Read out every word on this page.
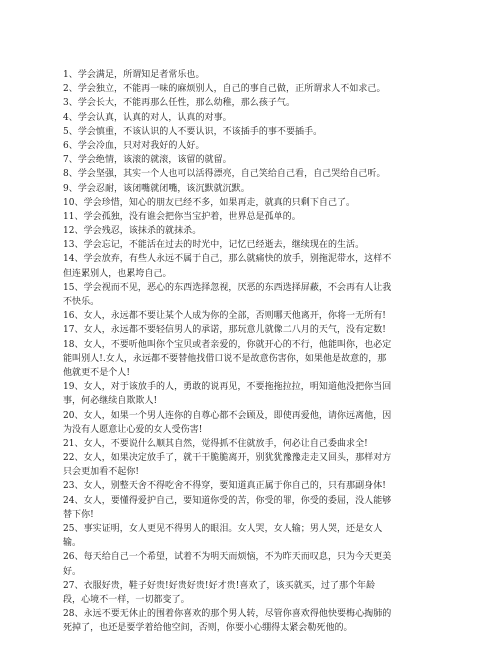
1、学会满足，所谓知足者常乐也。
2、学会独立，不能再一味的麻烦别人，自己的事自己做，正所谓求人不如求己。
3、学会长大，不能再那么任性，那么幼稚，那么孩子气。
4、学会认真，认真的对人，认真的对事。
5、学会慎重，不该认识的人不要认识，不该插手的事不要插手。
6、学会冷血，只对对我好的人好。
7、学会绝情，该滚的就滚，该留的就留。
8、学会坚强，其实一个人也可以活得漂亮，自己笑给自己看，自己哭给自己听。
9、学会忍耐，该闭嘴就闭嘴，该沉默就沉默。
10、学会珍惜，知心的朋友已经不多，如果再走，就真的只剩下自己了。
11、学会孤独，没有谁会把你当宝护着，世界总是孤单的。
12、学会残忍，该抹杀的就抹杀。
13、学会忘记，不能活在过去的时光中，记忆已经逝去，继续现在的生活。
14、学会放弃，有些人永远不属于自己，那么就痛快的放手，别拖泥带水，这样不
但连累别人，也累垮自己。
15、学会视而不见，恶心的东西选择忽视，厌恶的东西选择屏蔽，不会再有人让我
不快乐。
16、女人，永远都不要让某个人成为你的全部，否则哪天他离开，你将一无所有!
17、女人，永远都不要轻信男人的承诺，那玩意儿就像二八月的天气，没有定数!
18、女人，不要听他叫你个宝贝或者亲爱的，你就开心的不行，他能叫你，也必定
能叫别人!.女人，永远都不要替他找借口说不是故意伤害你，如果他是故意的，那
他就更不是个人!
19、女人，对于该放手的人，勇敢的说再见，不要拖拖拉拉，明知道他没把你当回
事，何必继续自欺欺人!
20、女人，如果一个男人连你的自尊心都不会顾及，即使再爱他，请你远离他，因
为没有人愿意让心爱的女人受伤害!
21、女人，不要说什么顺其自然，觉得抓不住就放手，何必让自己委曲求全!
22、女人，如果决定放手了，就干干脆脆离开，别犹犹豫豫走走又回头，那样对方
只会更加看不起你!
23、女人，别整天舍不得吃舍不得穿，要知道真正属于你自己的，只有那副身体!
24、女人，要懂得爱护自己，要知道你受的苦，你受的罪，你受的委屈，没人能够
替下你!
25、事实证明，女人更见不得男人的眼泪。女人哭，女人输；男人哭，还是女人
输。
26、每天给自己一个希望，试着不为明天而烦恼，不为昨天而叹息，只为今天更美
好。
27、衣服好贵，鞋子好贵!好贵好贵!好才贵!喜欢了，该买就买，过了那个年龄
段，心境不一样，一切都变了。
28、永远不要无休止的围着你喜欢的那个男人转，尽管你喜欢得他快要梅心掏肺的
死掉了，也还是要学着给他空间，否则，你要小心绷得太紧会勒死他的。
